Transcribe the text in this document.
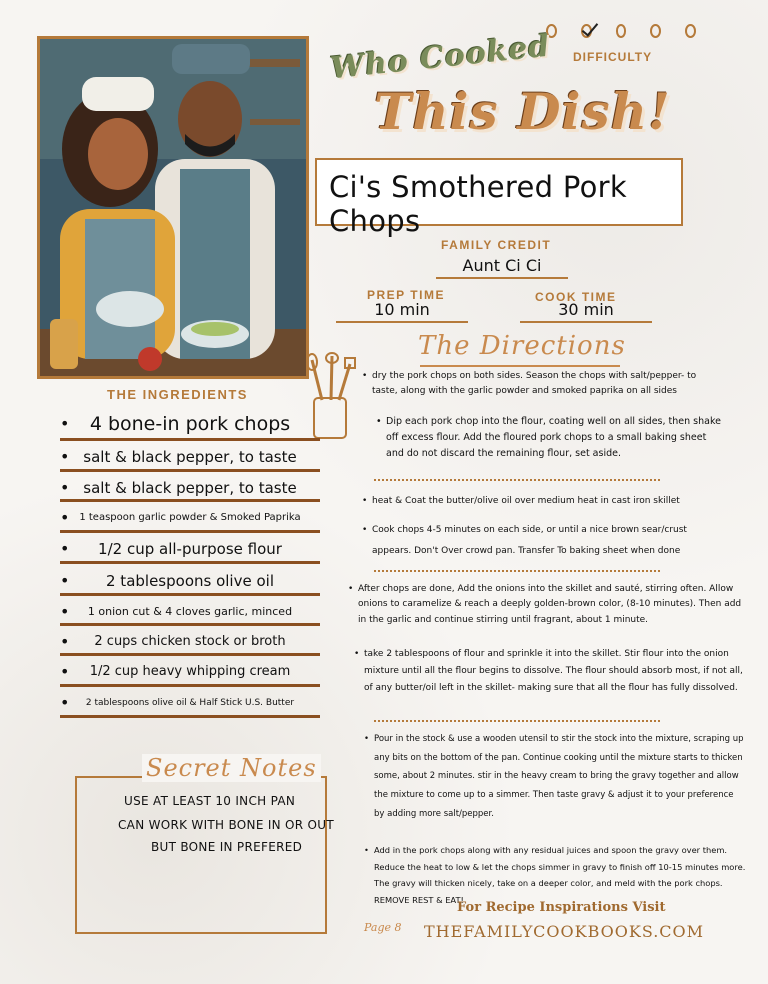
DIFFICULTY
Who Cooked
This Dish!
Ci's Smothered Pork Chops
FAMILY CREDIT
Aunt Ci Ci
PREP TIME
10 min
COOK TIME
30 min
The Directions
THE INGREDIENTS
• 4 bone-in pork chops
• salt & black pepper, to taste
• salt & black pepper, to taste
• 1 teaspoon garlic powder & Smoked Paprika
• 1/2 cup all-purpose flour
• 2 tablespoons olive oil
• 1 onion cut & 4 cloves garlic, minced
• 2 cups chicken stock or broth
• 1/2 cup heavy whipping cream
• 2 tablespoons olive oil & Half Stick U.S. Butter
Secret Notes
USE AT LEAST 10 INCH PAN
CAN WORK WITH BONE IN OR OUT
BUT BONE IN PREFERED
• dry the pork chops on both sides. Season the chops with salt/pepper- to taste, along with the garlic powder and smoked paprika on all sides
• Dip each pork chop into the flour, coating well on all sides, then shake off excess flour. Add the floured pork chops to a small baking sheet and do not discard the remaining flour, set aside.
• heat & Coat the butter/olive oil over medium heat in cast iron skillet
• Cook chops 4-5 minutes on each side, or until a nice brown sear/crust appears. Don't Over crowd pan. Transfer To baking sheet when done
• After chops are done, Add the onions into the skillet and sauté, stirring often. Allow onions to caramelize & reach a deeply golden-brown color, (8-10 minutes). Then add in the garlic and continue stirring until fragrant, about 1 minute.
• take 2 tablespoons of flour and sprinkle it into the skillet. Stir flour into the onion mixture until all the flour begins to dissolve. The flour should absorb most, if not all, of any butter/oil left in the skillet- making sure that all the flour has fully dissolved.
• Pour in the stock & use a wooden utensil to stir the stock into the mixture, scraping up any bits on the bottom of the pan. Continue cooking until the mixture starts to thicken some, about 2 minutes. stir in the heavy cream to bring the gravy together and allow the mixture to come up to a simmer. Then taste gravy & adjust it to your preference by adding more salt/pepper.
• Add in the pork chops along with any residual juices and spoon the gravy over them. Reduce the heat to low & let the chops simmer in gravy to finish off 10-15 minutes more. The gravy will thicken nicely, take on a deeper color, and meld with the pork chops. REMOVE REST & EAT!
Page 8
For Recipe Inspirations Visit
THEFAMILYCOOKBOOKS.COM
